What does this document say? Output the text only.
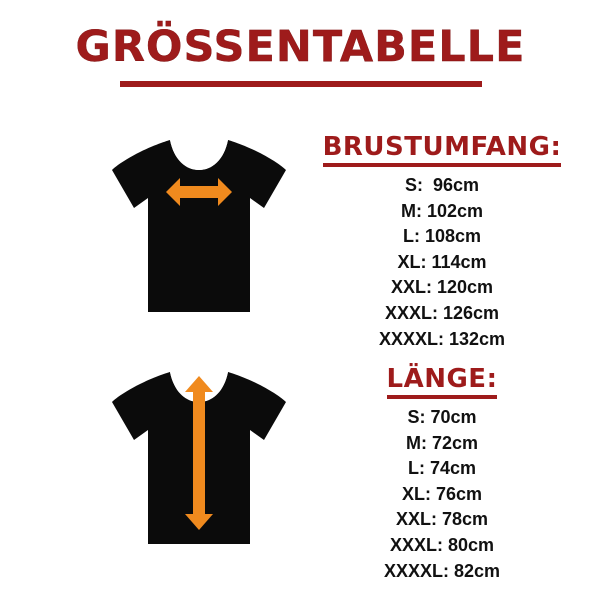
GRÖSSENTABELLE
BRUSTUMFANG:
S:  96cm
M: 102cm
L: 108cm
XL: 114cm
XXL: 120cm
XXXL: 126cm
XXXXL: 132cm
LÄNGE:
S: 70cm
M: 72cm
L: 74cm
XL: 76cm
XXL: 78cm
XXXL: 80cm
XXXXL: 82cm
